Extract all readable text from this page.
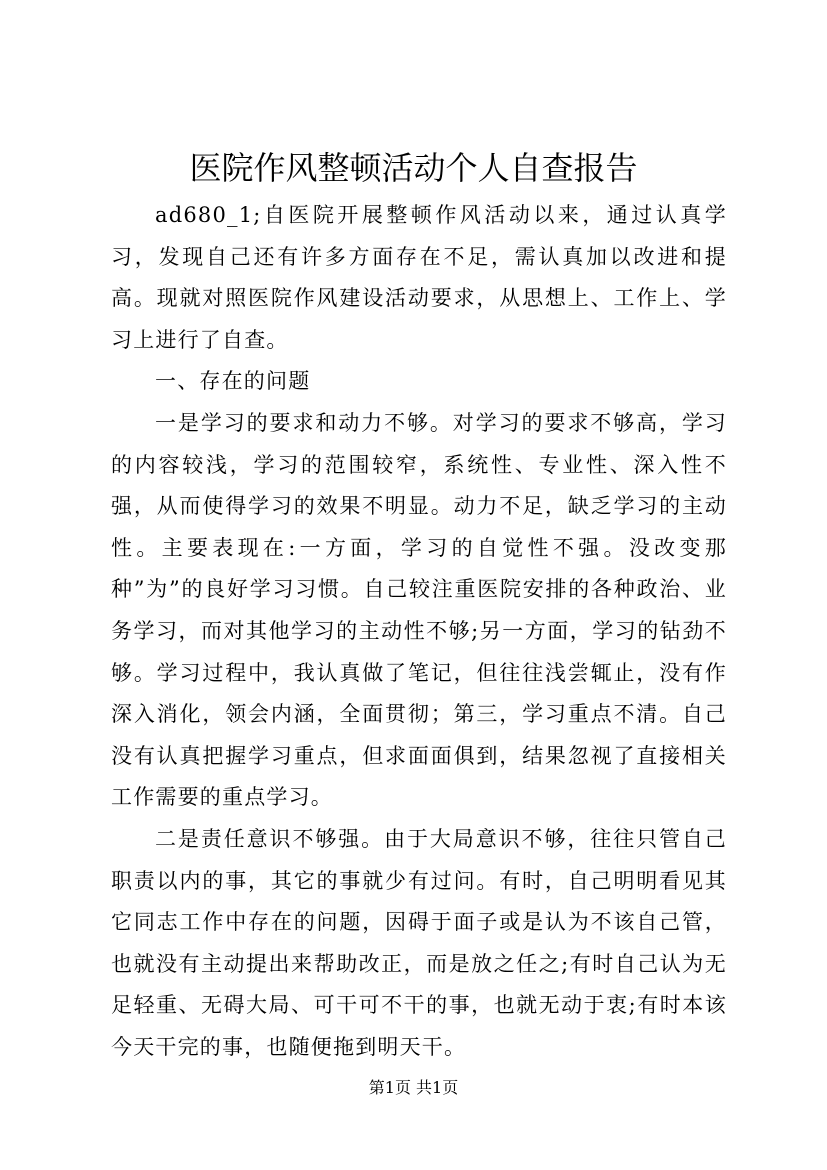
医院作风整顿活动个人自查报告

ad680_1;自医院开展整顿作风活动以来，通过认真学习，发现自己还有许多方面存在不足，需认真加以改进和提高。现就对照医院作风建设活动要求，从思想上、工作上、学习上进行了自查。

一、存在的问题

一是学习的要求和动力不够。对学习的要求不够高，学习的内容较浅，学习的范围较窄，系统性、专业性、深入性不强，从而使得学习的效果不明显。动力不足，缺乏学习的主动性。主要表现在:一方面，学习的自觉性不强。没改变那种”为”的良好学习习惯。自己较注重医院安排的各种政治、业务学习，而对其他学习的主动性不够;另一方面，学习的钻劲不够。学习过程中，我认真做了笔记，但往往浅尝辄止，没有作深入消化，领会内涵，全面贯彻；第三，学习重点不清。自己没有认真把握学习重点，但求面面俱到，结果忽视了直接相关工作需要的重点学习。

二是责任意识不够强。由于大局意识不够，往往只管自己职责以内的事，其它的事就少有过问。有时，自己明明看见其它同志工作中存在的问题，因碍于面子或是认为不该自己管，也就没有主动提出来帮助改正，而是放之任之;有时自己认为无足轻重、无碍大局、可干可不干的事，也就无动于衷;有时本该今天干完的事，也随便拖到明天干。

第1页 共1页
